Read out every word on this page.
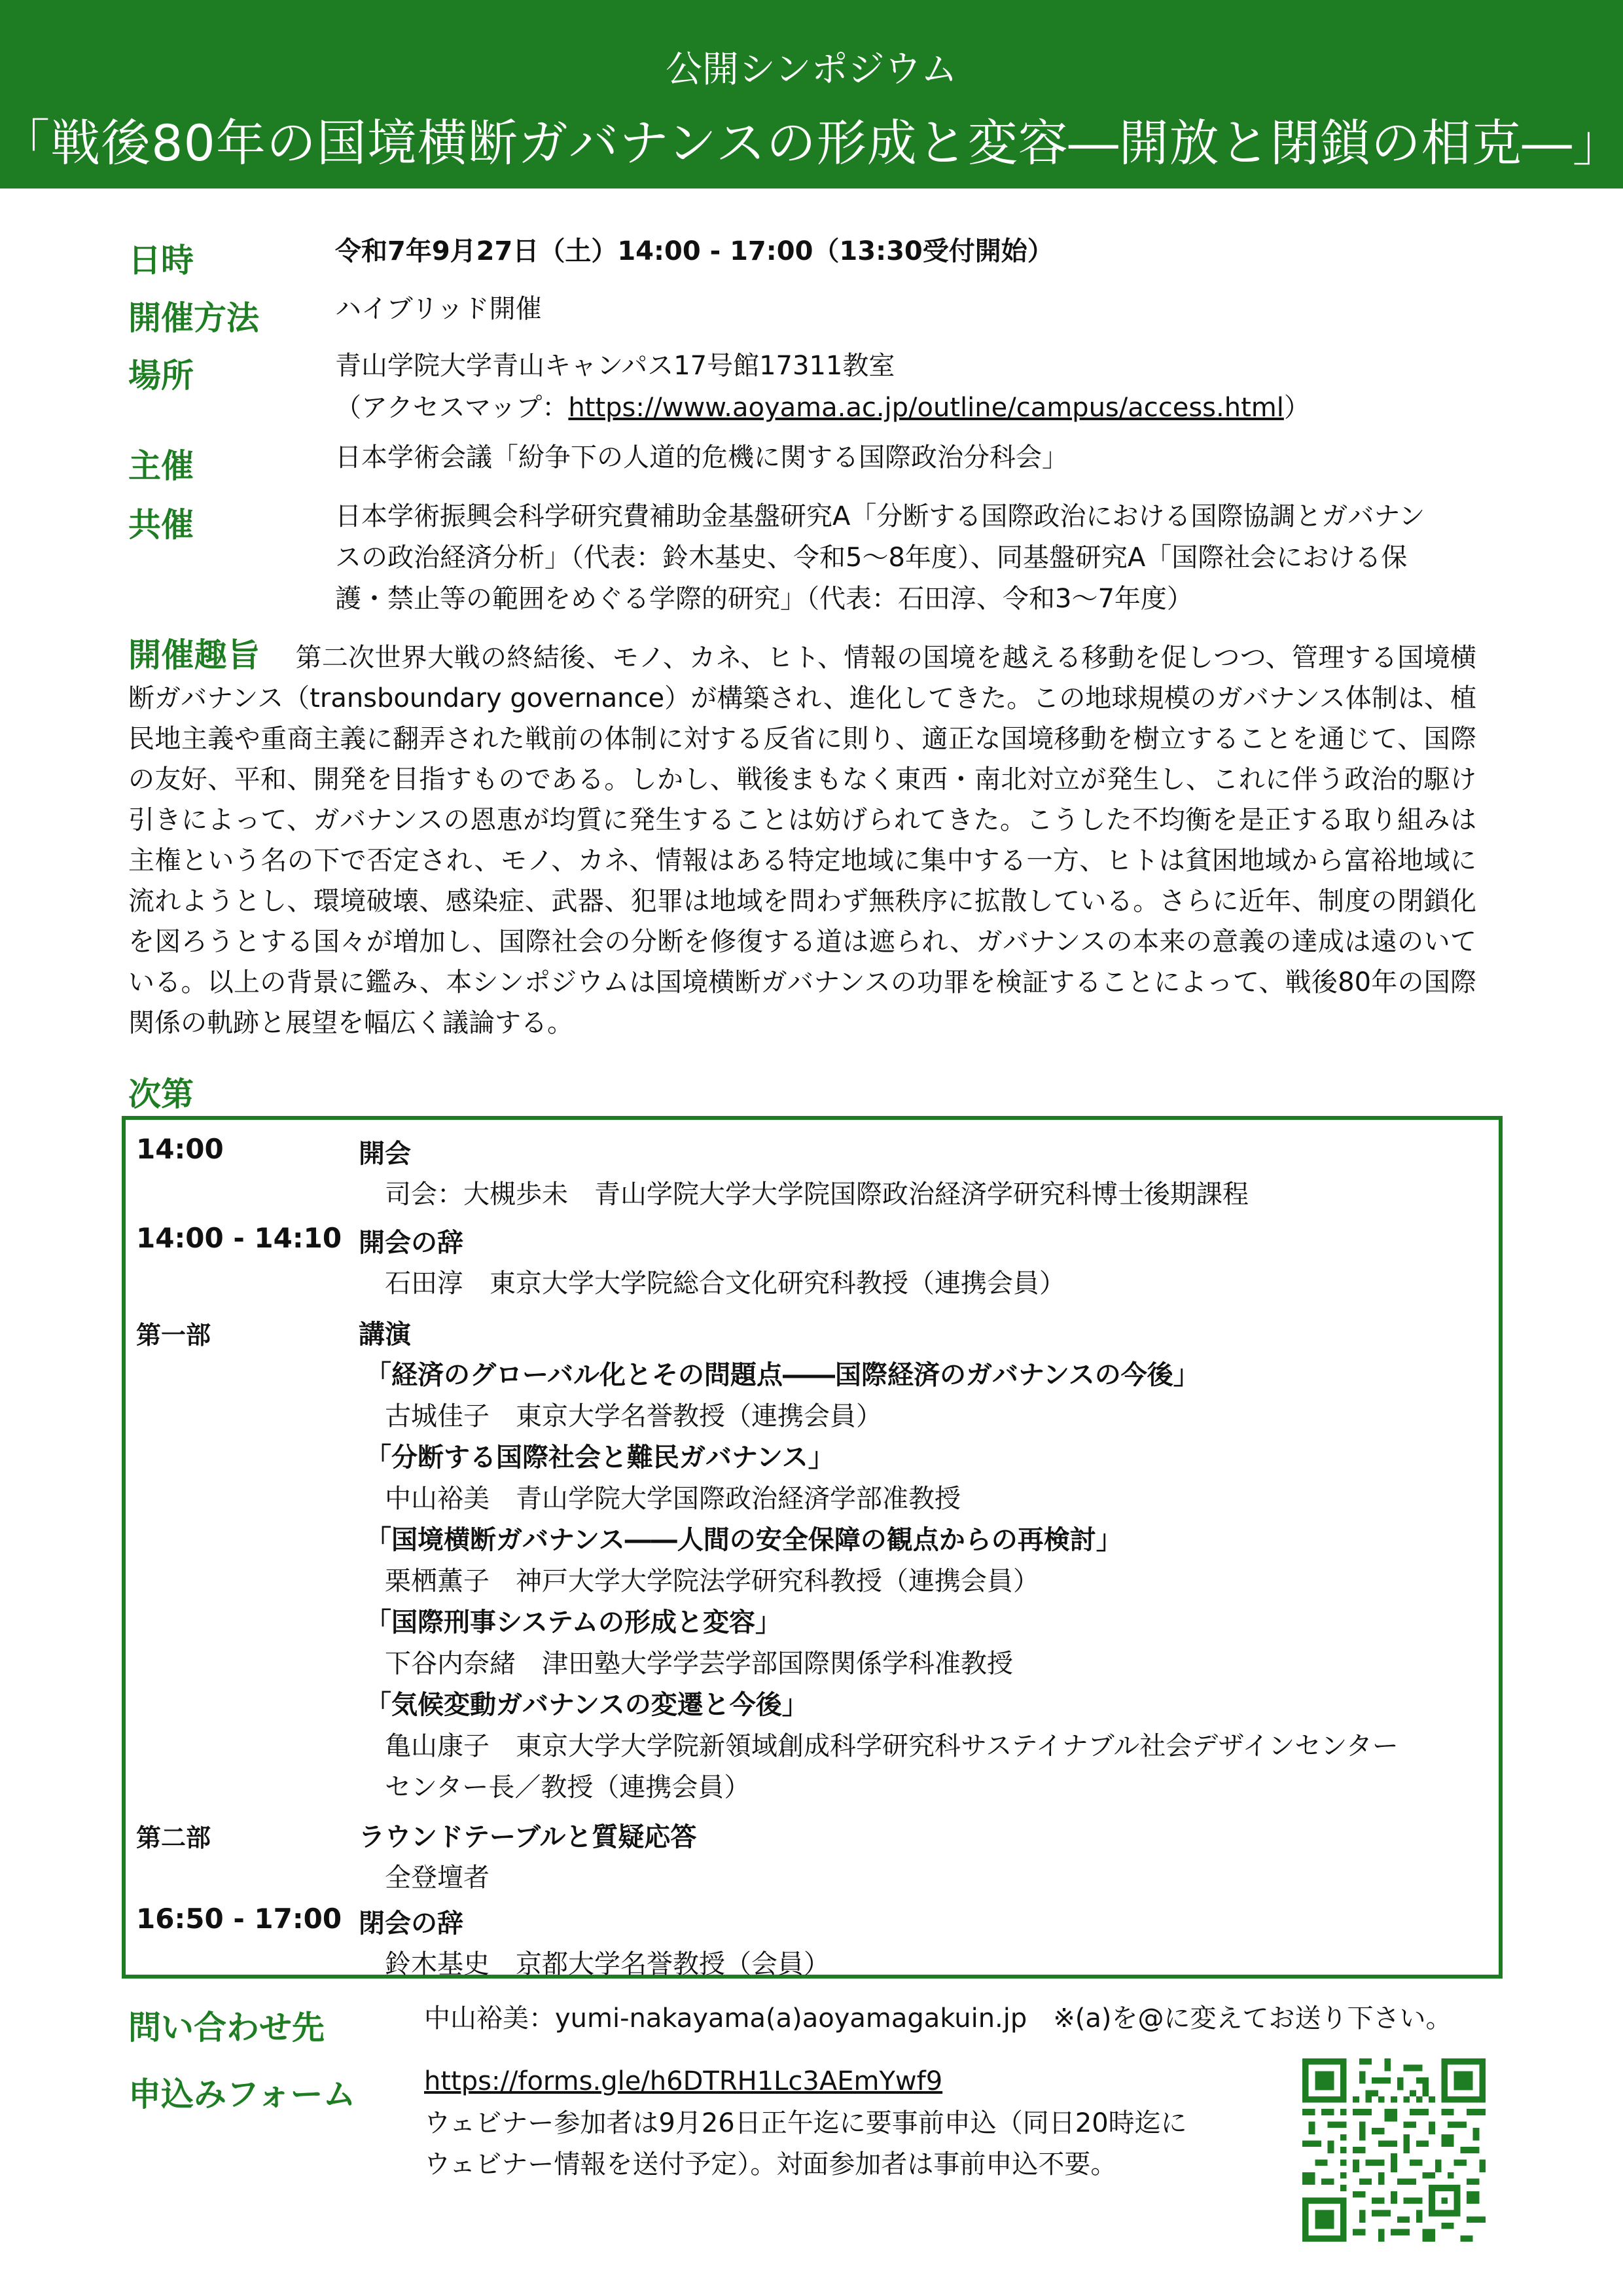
公開シンポジウム
「戦後80年の国境横断ガバナンスの形成と変容―開放と閉鎖の相克―」
日時	令和7年9月27日（土）14:00 - 17:00（13:30受付開始）
開催方法	ハイブリッド開催
場所	青山学院大学青山キャンパス17号館17311教室
（アクセスマップ：https://www.aoyama.ac.jp/outline/campus/access.html）
主催	日本学術会議「紛争下の人道的危機に関する国際政治分科会」
共催	日本学術振興会科学研究費補助金基盤研究A「分断する国際政治における国際協調とガバナン
スの政治経済分析」（代表：鈴木基史、令和5～8年度）、同基盤研究A「国際社会における保
護・禁止等の範囲をめぐる学際的研究」（代表：石田淳、令和3～7年度）
開催趣旨 第二次世界大戦の終結後、モノ、カネ、ヒト、情報の国境を越える移動を促しつつ、管理する国境横断ガバナンス（transboundary governance）が構築され、進化してきた。この地球規模のガバナンス体制は、植民地主義や重商主義に翻弄された戦前の体制に対する反省に則り、適正な国境移動を樹立することを通じて、国際の友好、平和、開発を目指すものである。しかし、戦後まもなく東西・南北対立が発生し、これに伴う政治的駆け引きによって、ガバナンスの恩恵が均質に発生することは妨げられてきた。こうした不均衡を是正する取り組みは主権という名の下で否定され、モノ、カネ、情報はある特定地域に集中する一方、ヒトは貧困地域から富裕地域に流れようとし、環境破壊、感染症、武器、犯罪は地域を問わず無秩序に拡散している。さらに近年、制度の閉鎖化を図ろうとする国々が増加し、国際社会の分断を修復する道は遮られ、ガバナンスの本来の意義の達成は遠のいている。以上の背景に鑑み、本シンポジウムは国境横断ガバナンスの功罪を検証することによって、戦後80年の国際関係の軌跡と展望を幅広く議論する。
次第
14:00	開会
司会：大槻歩未　青山学院大学大学院国際政治経済学研究科博士後期課程
14:00 - 14:10 開会の辞
石田淳　東京大学大学院総合文化研究科教授（連携会員）
第一部	講演
「経済のグローバル化とその問題点――国際経済のガバナンスの今後」
古城佳子　東京大学名誉教授（連携会員）
「分断する国際社会と難民ガバナンス」
中山裕美　青山学院大学国際政治経済学部准教授
「国境横断ガバナンス――人間の安全保障の観点からの再検討」
栗栖薫子　神戸大学大学院法学研究科教授（連携会員）
「国際刑事システムの形成と変容」
下谷内奈緒　津田塾大学学芸学部国際関係学科准教授
「気候変動ガバナンスの変遷と今後」
亀山康子　東京大学大学院新領域創成科学研究科サステイナブル社会デザインセンター
センター長／教授（連携会員）
第二部	ラウンドテーブルと質疑応答
全登壇者
16:50 - 17:00 閉会の辞
鈴木基史　京都大学名誉教授（会員）
問い合わせ先	中山裕美：yumi-nakayama(a)aoyamagakuin.jp　※(a)を@に変えてお送り下さい。
申込みフォーム	https://forms.gle/h6DTRH1Lc3AEmYwf9
ウェビナー参加者は9月26日正午迄に要事前申込（同日20時迄に
ウェビナー情報を送付予定）。対面参加者は事前申込不要。
